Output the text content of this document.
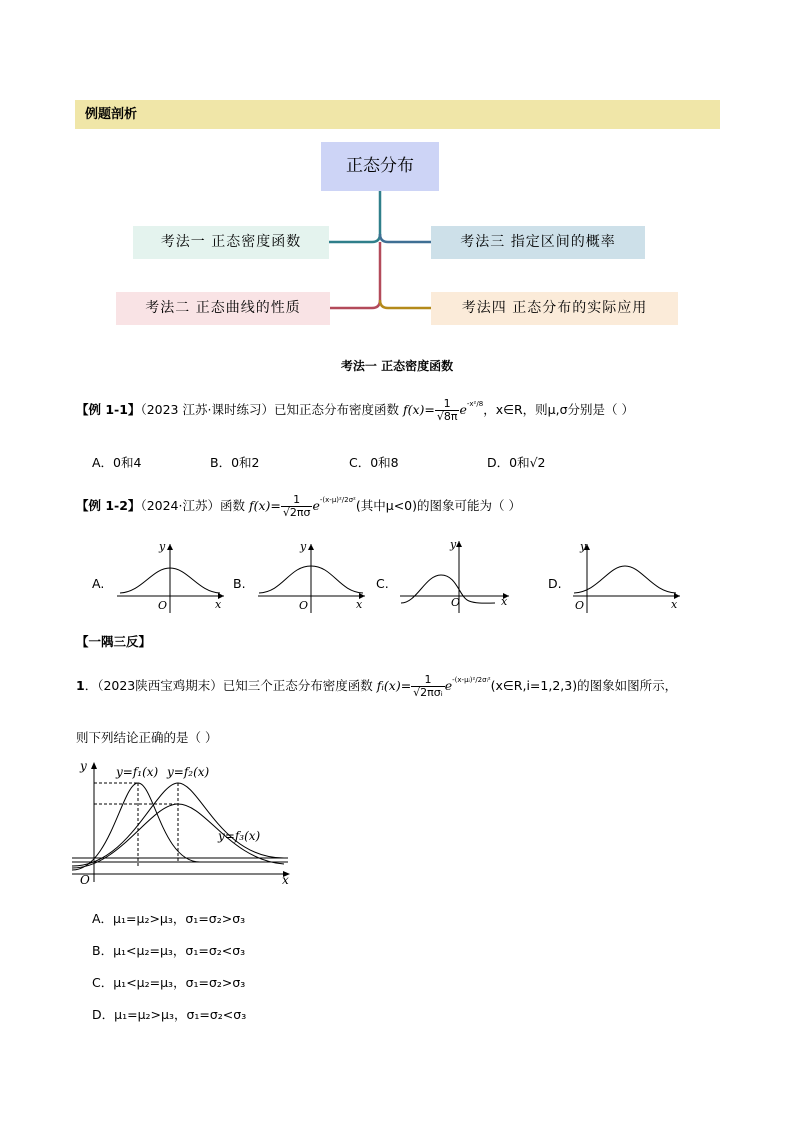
例题剖析
正态分布
考法一 正态密度函数
考法二 正态曲线的性质
考法三 指定区间的概率
考法四 正态分布的实际应用
考法一 正态密度函数
【例 1-1】（2023 江苏·课时练习）已知正态分布密度函数 $f(x)= \frac{1}{√8\pi} e^{-x^2/8}$，x∈R，则μ,σ分别是（ ）
A．0和4	B．0和2	C．0和8	D．0和√2
【例 1-2】（2024·江苏）函数 $f(x)= \frac{1}{√2\pi\sigma} e^{-(x-\mu)^2/2\sigma^2}$(其中μ<0)的图象可能为（ ）
A.	B.	C.	D.
y
x
O
y
x
O
y
x
O
y
x
O
【一隅三反】
1．（2023陕西宝鸡期末）已知三个正态分布密度函数 fᵢ(x)= $\frac{1}{\text{√2πσᵢ}}$ $e^{-(x-\mu ᵢ)^2/2\sigma ᵢ^2}(x\in R,i=1,2,3)$的图象如图所示，
则下列结论正确的是（ ）
y=f₁(x) y=f₂(x)
y=f₃(x)
y
x
O
A．μ₁=μ₂>μ₃，σ₁=σ₂>σ₃
B．μ₁<μ₂=μ₃，σ₁=σ₂<σ₃
C．μ₁<μ₂=μ₃，σ₁=σ₂>σ₃
D．μ₁=μ₂>μ₃，σ₁=σ₂<σ₃
